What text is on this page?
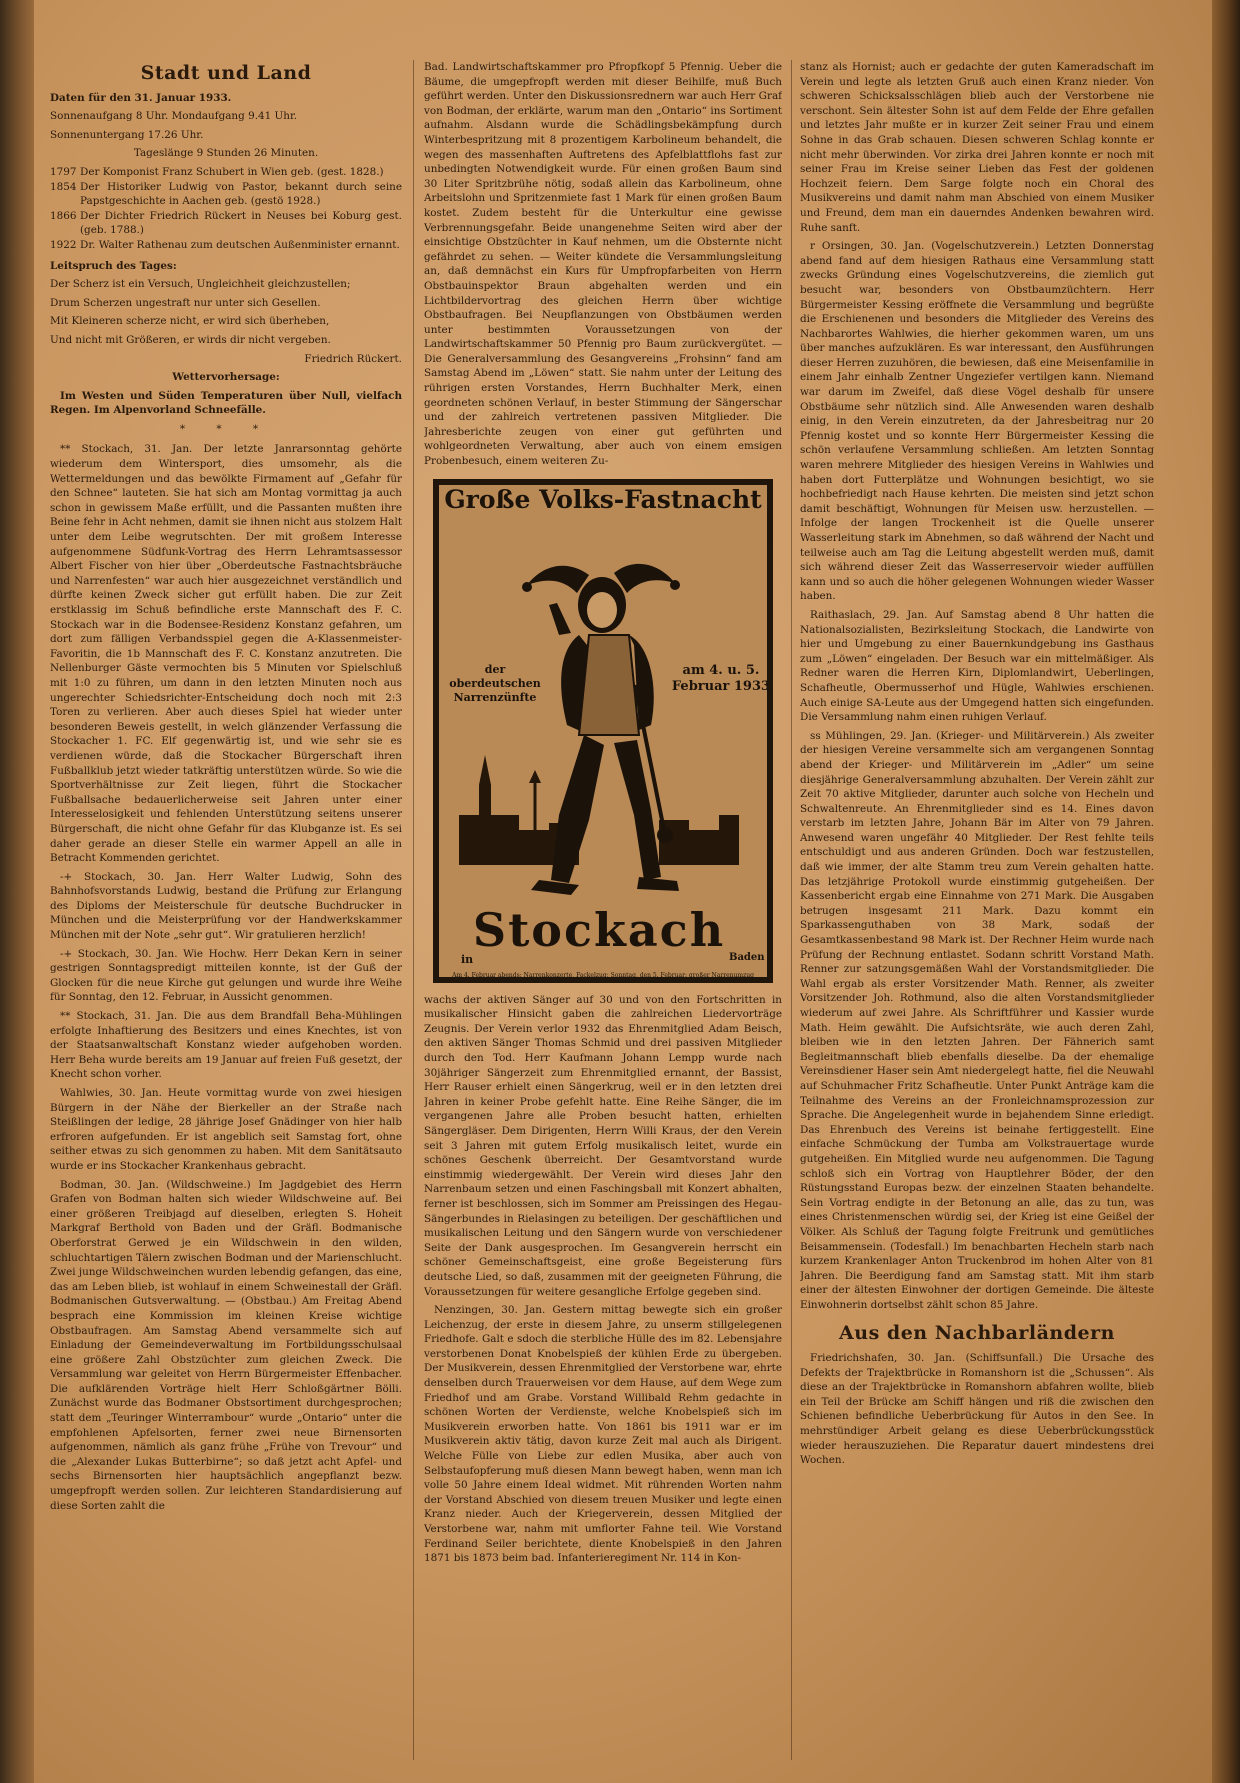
Stadt und Land

Daten für den 31. Januar 1933.

Sonnenaufgang 8 Uhr. Mondaufgang 9.41 Uhr.

Sonnenuntergang 17.26 Uhr.

Tageslänge 9 Stunden 26 Minuten.

1797 Der Komponist Franz Schubert in Wien geb. (gest. 1828.)
1854 Der Historiker Ludwig von Pastor, bekannt durch seine Papstgeschichte in Aachen geb. (gestö 1928.)
1866 Der Dichter Friedrich Rückert in Neuses bei Koburg gest. (geb. 1788.)
1922 Dr. Walter Rathenau zum deutschen Außenminister ernannt.

Leitspruch des Tages:

Der Scherz ist ein Versuch, Ungleichheit gleichzustellen;

Drum Scherzen ungestraft nur unter sich Gesellen.

Mit Kleineren scherze nicht, er wird sich überheben,

Und nicht mit Größeren, er wirds dir nicht vergeben.

Friedrich Rückert.

Wettervorhersage:

Im Westen und Süden Temperaturen über Null, vielfach Regen. Im Alpenvorland Schneefälle.

* * *

** Stockach, 31. Jan. Der letzte Janrarsonntag gehörte wiederum dem Wintersport, dies umsomehr, als die Wettermeldungen und das bewölkte Firmament auf „Gefahr für den Schnee“ lauteten. Sie hat sich am Montag vormittag ja auch schon in gewissem Maße erfüllt, und die Passanten mußten ihre Beine fehr in Acht nehmen, damit sie ihnen nicht aus stolzem Halt unter dem Leibe wegrutschten. Der mit großem Interesse aufgenommene Südfunk-Vortrag des Herrn Lehramtsassessor Albert Fischer von hier über „Oberdeutsche Fastnachtsbräuche und Narrenfesten“ war auch hier ausgezeichnet verständlich und dürfte keinen Zweck sicher gut erfüllt haben. Die zur Zeit erstklassig im Schuß befindliche erste Mannschaft des F. C. Stockach war in die Bodensee-Residenz Konstanz gefahren, um dort zum fälligen Verbandsspiel gegen die A-Klassenmeister-Favoritin, die 1b Mannschaft des F. C. Konstanz anzutreten. Die Nellenburger Gäste vermochten bis 5 Minuten vor Spielschluß mit 1:0 zu führen, um dann in den letzten Minuten noch aus ungerechter Schiedsrichter-Entscheidung doch noch mit 2:3 Toren zu verlieren. Aber auch dieses Spiel hat wieder unter besonderen Beweis gestellt, in welch glänzender Verfassung die Stockacher 1. FC. Elf gegenwärtig ist, und wie sehr sie es verdienen würde, daß die Stockacher Bürgerschaft ihren Fußballklub jetzt wieder tatkräftig unterstützen würde. So wie die Sportverhältnisse zur Zeit liegen, führt die Stockacher Fußballsache bedauerlicherweise seit Jahren unter einer Interesselosigkeit und fehlenden Unterstützung seitens unserer Bürgerschaft, die nicht ohne Gefahr für das Klubganze ist. Es sei daher gerade an dieser Stelle ein warmer Appell an alle in Betracht Kommenden gerichtet.

-+ Stockach, 30. Jan. Herr Walter Ludwig, Sohn des Bahnhofsvorstands Ludwig, bestand die Prüfung zur Erlangung des Diploms der Meisterschule für deutsche Buchdrucker in München und die Meisterprüfung vor der Handwerkskammer München mit der Note „sehr gut“. Wir gratulieren herzlich!

-+ Stockach, 30. Jan. Wie Hochw. Herr Dekan Kern in seiner gestrigen Sonntagspredigt mitteilen konnte, ist der Guß der Glocken für die neue Kirche gut gelungen und wurde ihre Weihe für Sonntag, den 12. Februar, in Aussicht genommen.

** Stockach, 31. Jan. Die aus dem Brandfall Beha-Mühlingen erfolgte Inhaftierung des Besitzers und eines Knechtes, ist von der Staatsanwaltschaft Konstanz wieder aufgehoben worden. Herr Beha wurde bereits am 19 Januar auf freien Fuß gesetzt, der Knecht schon vorher.

Wahlwies, 30. Jan. Heute vormittag wurde von zwei hiesigen Bürgern in der Nähe der Bierkeller an der Straße nach Steißlingen der ledige, 28 jährige Josef Gnädinger von hier halb erfroren aufgefunden. Er ist angeblich seit Samstag fort, ohne seither etwas zu sich genommen zu haben. Mit dem Sanitätsauto wurde er ins Stockacher Krankenhaus gebracht.

Bodman, 30. Jan. (Wildschweine.) Im Jagdgebiet des Herrn Grafen von Bodman halten sich wieder Wildschweine auf. Bei einer größeren Treibjagd auf dieselben, erlegten S. Hoheit Markgraf Berthold von Baden und der Gräfl. Bodmanische Oberforstrat Gerwed je ein Wildschwein in den wilden, schluchtartigen Tälern zwischen Bodman und der Marienschlucht. Zwei junge Wildschweinchen wurden lebendig gefangen, das eine, das am Leben blieb, ist wohlauf in einem Schweinestall der Gräfl. Bodmanischen Gutsverwaltung. — (Obstbau.) Am Freitag Abend besprach eine Kommission im kleinen Kreise wichtige Obstbaufragen. Am Samstag Abend versammelte sich auf Einladung der Gemeindeverwaltung im Fortbildungsschulsaal eine größere Zahl Obstzüchter zum gleichen Zweck. Die Versammlung war geleitet von Herrn Bürgermeister Effenbacher. Die aufklärenden Vorträge hielt Herr Schloßgärtner Bölli. Zunächst wurde das Bodmaner Obstsortiment durchgesprochen; statt dem „Teuringer Winterrambour“ wurde „Ontario“ unter die empfohlenen Apfelsorten, ferner zwei neue Birnensorten aufgenommen, nämlich als ganz frühe „Frühe von Trevour“ und die „Alexander Lukas Butterbirne“; so daß jetzt acht Apfel- und sechs Birnensorten hier hauptsächlich angepflanzt bezw. umgepfropft werden sollen. Zur leichteren Standardisierung auf diese Sorten zahlt die

Bad. Landwirtschaftskammer pro Pfropfkopf 5 Pfennig. Ueber die Bäume, die umgepfropft werden mit dieser Beihilfe, muß Buch geführt werden. Unter den Diskussionsrednern war auch Herr Graf von Bodman, der erklärte, warum man den „Ontario“ ins Sortiment aufnahm. Alsdann wurde die Schädlingsbekämpfung durch Winterbespritzung mit 8 prozentigem Karbolineum behandelt, die wegen des massenhaften Auftretens des Apfelblattflohs fast zur unbedingten Notwendigkeit wurde. Für einen großen Baum sind 30 Liter Spritzbrühe nötig, sodaß allein das Karbolineum, ohne Arbeitslohn und Spritzenmiete fast 1 Mark für einen großen Baum kostet. Zudem besteht für die Unterkultur eine gewisse Verbrennungsgefahr. Beide unangenehme Seiten wird aber der einsichtige Obstzüchter in Kauf nehmen, um die Obsternte nicht gefährdet zu sehen. — Weiter kündete die Versammlungsleitung an, daß demnächst ein Kurs für Umpfropfarbeiten von Herrn Obstbauinspektor Braun abgehalten werden und ein Lichtbildervortrag des gleichen Herrn über wichtige Obstbaufragen. Bei Neupflanzungen von Obstbäumen werden unter bestimmten Voraussetzungen von der Landwirtschaftskammer 50 Pfennig pro Baum zurückvergütet. — Die Generalversammlung des Gesangvereins „Frohsinn“ fand am Samstag Abend im „Löwen“ statt. Sie nahm unter der Leitung des rührigen ersten Vorstandes, Herrn Buchhalter Merk, einen geordneten schönen Verlauf, in bester Stimmung der Sängerschar und der zahlreich vertretenen passiven Mitglieder. Die Jahresberichte zeugen von einer gut geführten und wohlgeordneten Verwaltung, aber auch von einem emsigen Probenbesuch, einem weiteren Zu-

Große Volks-Fastnacht
der oberdeutschen Narrenzünfte
am 4. u. 5. Februar 1933
in
Stockach
Baden
Am 4. Februar abends: Narrenkonzerte, Fackelzug; Sonntag, den 5. Februar: großer Narrenumzug

wachs der aktiven Sänger auf 30 und von den Fortschritten in musikalischer Hinsicht gaben die zahlreichen Liedervorträge Zeugnis. Der Verein verlor 1932 das Ehrenmitglied Adam Beisch, den aktiven Sänger Thomas Schmid und drei passiven Mitglieder durch den Tod. Herr Kaufmann Johann Lempp wurde nach 30jähriger Sängerzeit zum Ehrenmitglied ernannt, der Bassist, Herr Rauser erhielt einen Sängerkrug, weil er in den letzten drei Jahren in keiner Probe gefehlt hatte. Eine Reihe Sänger, die im vergangenen Jahre alle Proben besucht hatten, erhielten Sängergläser. Dem Dirigenten, Herrn Willi Kraus, der den Verein seit 3 Jahren mit gutem Erfolg musikalisch leitet, wurde ein schönes Geschenk überreicht. Der Gesamtvorstand wurde einstimmig wiedergewählt. Der Verein wird dieses Jahr den Narrenbaum setzen und einen Faschingsball mit Konzert abhalten, ferner ist beschlossen, sich im Sommer am Preissingen des Hegau-Sängerbundes in Rielasingen zu beteiligen. Der geschäftlichen und musikalischen Leitung und den Sängern wurde von verschiedener Seite der Dank ausgesprochen. Im Gesangverein herrscht ein schöner Gemeinschaftsgeist, eine große Begeisterung fürs deutsche Lied, so daß, zusammen mit der geeigneten Führung, die Voraussetzungen für weitere gesangliche Erfolge gegeben sind.

Nenzingen, 30. Jan. Gestern mittag bewegte sich ein großer Leichenzug, der erste in diesem Jahre, zu unserm stillgelegenen Friedhofe. Galt e sdoch die sterbliche Hülle des im 82. Lebensjahre verstorbenen Donat Knobelspieß der kühlen Erde zu übergeben. Der Musikverein, dessen Ehrenmitglied der Verstorbene war, ehrte denselben durch Trauerweisen vor dem Hause, auf dem Wege zum Friedhof und am Grabe. Vorstand Willibald Rehm gedachte in schönen Worten der Verdienste, welche Knobelspieß sich im Musikverein erworben hatte. Von 1861 bis 1911 war er im Musikverein aktiv tätig, davon kurze Zeit mal auch als Dirigent. Welche Fülle von Liebe zur edlen Musika, aber auch von Selbstaufopferung muß diesen Mann bewegt haben, wenn man ich volle 50 Jahre einem Ideal widmet. Mit rührenden Worten nahm der Vorstand Abschied von diesem treuen Musiker und legte einen Kranz nieder. Auch der Kriegerverein, dessen Mitglied der Verstorbene war, nahm mit umflorter Fahne teil. Wie Vorstand Ferdinand Seiler berichtete, diente Knobelspieß in den Jahren 1871 bis 1873 beim bad. Infanterieregiment Nr. 114 in Kon-

stanz als Hornist; auch er gedachte der guten Kameradschaft im Verein und legte als letzten Gruß auch einen Kranz nieder. Von schweren Schicksalsschlägen blieb auch der Verstorbene nie verschont. Sein ältester Sohn ist auf dem Felde der Ehre gefallen und letztes Jahr mußte er in kurzer Zeit seiner Frau und einem Sohne in das Grab schauen. Diesen schweren Schlag konnte er nicht mehr überwinden. Vor zirka drei Jahren konnte er noch mit seiner Frau im Kreise seiner Lieben das Fest der goldenen Hochzeit feiern. Dem Sarge folgte noch ein Choral des Musikvereins und damit nahm man Abschied von einem Musiker und Freund, dem man ein dauerndes Andenken bewahren wird. Ruhe sanft.

r Orsingen, 30. Jan. (Vogelschutzverein.) Letzten Donnerstag abend fand auf dem hiesigen Rathaus eine Versammlung statt zwecks Gründung eines Vogelschutzvereins, die ziemlich gut besucht war, besonders von Obstbaumzüchtern. Herr Bürgermeister Kessing eröffnete die Versammlung und begrüßte die Erschienenen und besonders die Mitglieder des Vereins des Nachbarortes Wahlwies, die hierher gekommen waren, um uns über manches aufzuklären. Es war interessant, den Ausführungen dieser Herren zuzuhören, die bewiesen, daß eine Meisenfamilie in einem Jahr einhalb Zentner Ungeziefer vertilgen kann. Niemand war darum im Zweifel, daß diese Vögel deshalb für unsere Obstbäume sehr nützlich sind. Alle Anwesenden waren deshalb einig, in den Verein einzutreten, da der Jahresbeitrag nur 20 Pfennig kostet und so konnte Herr Bürgermeister Kessing die schön verlaufene Versammlung schließen. Am letzten Sonntag waren mehrere Mitglieder des hiesigen Vereins in Wahlwies und haben dort Futterplätze und Wohnungen besichtigt, wo sie hochbefriedigt nach Hause kehrten. Die meisten sind jetzt schon damit beschäftigt, Wohnungen für Meisen usw. herzustellen. — Infolge der langen Trockenheit ist die Quelle unserer Wasserleitung stark im Abnehmen, so daß während der Nacht und teilweise auch am Tag die Leitung abgestellt werden muß, damit sich während dieser Zeit das Wasserreservoir wieder auffüllen kann und so auch die höher gelegenen Wohnungen wieder Wasser haben.

Raithaslach, 29. Jan. Auf Samstag abend 8 Uhr hatten die Nationalsozialisten, Bezirksleitung Stockach, die Landwirte von hier und Umgebung zu einer Bauernkundgebung ins Gasthaus zum „Löwen“ eingeladen. Der Besuch war ein mittelmäßiger. Als Redner waren die Herren Kirn, Diplomlandwirt, Ueberlingen, Schafheutle, Obermusserhof und Hügle, Wahlwies erschienen. Auch einige SA-Leute aus der Umgegend hatten sich eingefunden. Die Versammlung nahm einen ruhigen Verlauf.

ss Mühlingen, 29. Jan. (Krieger- und Militärverein.) Als zweiter der hiesigen Vereine versammelte sich am vergangenen Sonntag abend der Krieger- und Militärverein im „Adler“ um seine diesjährige Generalversammlung abzuhalten. Der Verein zählt zur Zeit 70 aktive Mitglieder, darunter auch solche von Hecheln und Schwaltenreute. An Ehrenmitglieder sind es 14. Eines davon verstarb im letzten Jahre, Johann Bär im Alter von 79 Jahren. Anwesend waren ungefähr 40 Mitglieder. Der Rest fehlte teils entschuldigt und aus anderen Gründen. Doch war festzustellen, daß wie immer, der alte Stamm treu zum Verein gehalten hatte. Das letzjährige Protokoll wurde einstimmig gutgeheißen. Der Kassenbericht ergab eine Einnahme von 271 Mark. Die Ausgaben betrugen insgesamt 211 Mark. Dazu kommt ein Sparkassenguthaben von 38 Mark, sodaß der Gesamtkassenbestand 98 Mark ist. Der Rechner Heim wurde nach Prüfung der Rechnung entlastet. Sodann schritt Vorstand Math. Renner zur satzungsgemäßen Wahl der Vorstandsmitglieder. Die Wahl ergab als erster Vorsitzender Math. Renner, als zweiter Vorsitzender Joh. Rothmund, also die alten Vorstandsmitglieder wiederum auf zwei Jahre. Als Schriftführer und Kassier wurde Math. Heim gewählt. Die Aufsichtsräte, wie auch deren Zahl, bleiben wie in den letzten Jahren. Der Fähnerich samt Begleitmannschaft blieb ebenfalls dieselbe. Da der ehemalige Vereinsdiener Haser sein Amt niedergelegt hatte, fiel die Neuwahl auf Schuhmacher Fritz Schafheutle. Unter Punkt Anträge kam die Teilnahme des Vereins an der Fronleichnamsprozession zur Sprache. Die Angelegenheit wurde in bejahendem Sinne erledigt. Das Ehrenbuch des Vereins ist beinahe fertiggestellt. Eine einfache Schmückung der Tumba am Volkstrauertage wurde gutgeheißen. Ein Mitglied wurde neu aufgenommen. Die Tagung schloß sich ein Vortrag von Hauptlehrer Böder, der den Rüstungsstand Europas bezw. der einzelnen Staaten behandelte. Sein Vortrag endigte in der Betonung an alle, das zu tun, was eines Christenmenschen würdig sei, der Krieg ist eine Geißel der Völker. Als Schluß der Tagung folgte Freitrunk und gemütliches Beisammensein. (Todesfall.) Im benachbarten Hecheln starb nach kurzem Krankenlager Anton Truckenbrod im hohen Alter von 81 Jahren. Die Beerdigung fand am Samstag statt. Mit ihm starb einer der ältesten Einwohner der dortigen Gemeinde. Die älteste Einwohnerin dortselbst zählt schon 85 Jahre.

Aus den Nachbarländern

Friedrichshafen, 30. Jan. (Schiffsunfall.) Die Ursache des Defekts der Trajektbrücke in Romanshorn ist die „Schussen“. Als diese an der Trajektbrücke in Romanshorn abfahren wollte, blieb ein Teil der Brücke am Schiff hängen und riß die zwischen den Schienen befindliche Ueberbrückung für Autos in den See. In mehrstündiger Arbeit gelang es diese Ueberbrückungsstück wieder herauszuziehen. Die Reparatur dauert mindestens drei Wochen.
